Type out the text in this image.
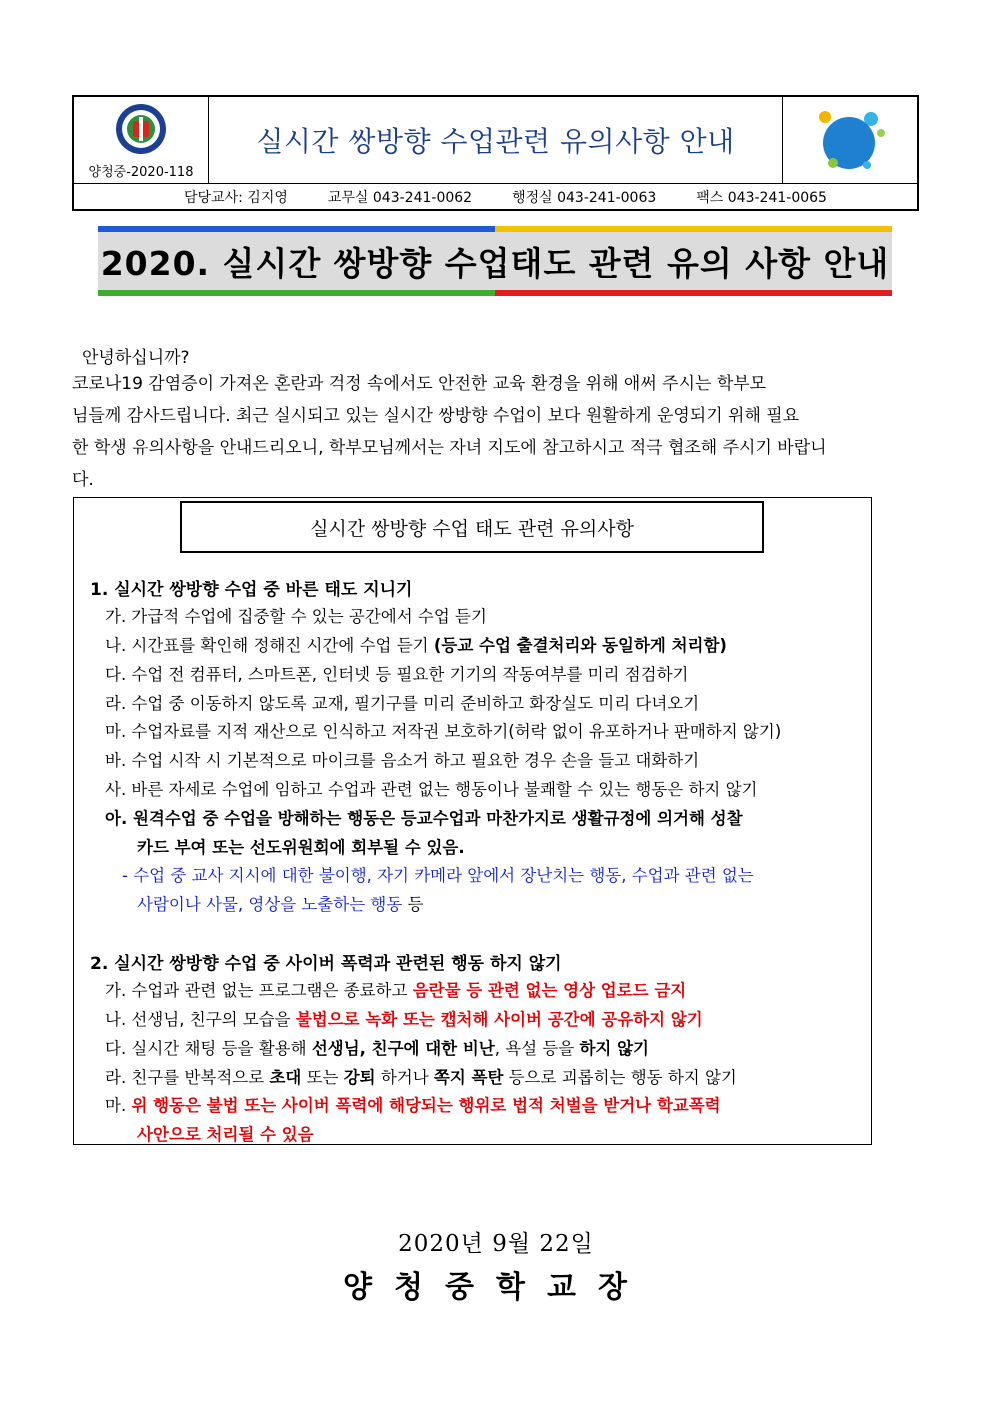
양청중-2020-118
실시간 쌍방향 수업관련 유의사항 안내
담당교사: 김지영	교무실 043-241-0062	행정실 043-241-0063	팩스 043-241-0065
2020. 실시간 쌍방향 수업태도 관련 유의 사항 안내
안녕하십니까?
코로나19 감염증이 가져온 혼란과 걱정 속에서도 안전한 교육 환경을 위해 애써 주시는 학부모
님들께 감사드립니다. 최근 실시되고 있는 실시간 쌍방향 수업이 보다 원활하게 운영되기 위해 필요
한 학생 유의사항을 안내드리오니, 학부모님께서는 자녀 지도에 참고하시고 적극 협조해 주시기 바랍니
다.
실시간 쌍방향 수업 태도 관련 유의사항
1. 실시간 쌍방향 수업 중 바른 태도 지니기
가. 가급적 수업에 집중할 수 있는 공간에서 수업 듣기
나. 시간표를 확인해 정해진 시간에 수업 듣기 (등교 수업 출결처리와 동일하게 처리함)
다. 수업 전 컴퓨터, 스마트폰, 인터넷 등 필요한 기기의 작동여부를 미리 점검하기
라. 수업 중 이동하지 않도록 교재, 필기구를 미리 준비하고 화장실도 미리 다녀오기
마. 수업자료를 지적 재산으로 인식하고 저작권 보호하기(허락 없이 유포하거나 판매하지 않기)
바. 수업 시작 시 기본적으로 마이크를 음소거 하고 필요한 경우 손을 들고 대화하기
사. 바른 자세로 수업에 임하고 수업과 관련 없는 행동이나 불쾌할 수 있는 행동은 하지 않기
아. 원격수업 중 수업을 방해하는 행동은 등교수업과 마찬가지로 생활규정에 의거해 성찰
카드 부여 또는 선도위원회에 회부될 수 있음.
- 수업 중 교사 지시에 대한 불이행, 자기 카메라 앞에서 장난치는 행동, 수업과 관련 없는
사람이나 사물, 영상을 노출하는 행동 등
2. 실시간 쌍방향 수업 중 사이버 폭력과 관련된 행동 하지 않기
가. 수업과 관련 없는 프로그램은 종료하고 음란물 등 관련 없는 영상 업로드 금지
나. 선생님, 친구의 모습을 불법으로 녹화 또는 캡처해 사이버 공간에 공유하지 않기
다. 실시간 채팅 등을 활용해 선생님, 친구에 대한 비난, 욕설 등을 하지 않기
라. 친구를 반복적으로 초대 또는 강퇴 하거나 쪽지 폭탄 등으로 괴롭히는 행동 하지 않기
마. 위 행동은 불법 또는 사이버 폭력에 해당되는 행위로 법적 처벌을 받거나 학교폭력
사안으로 처리될 수 있음
2020년 9월 22일
양청중학교장
